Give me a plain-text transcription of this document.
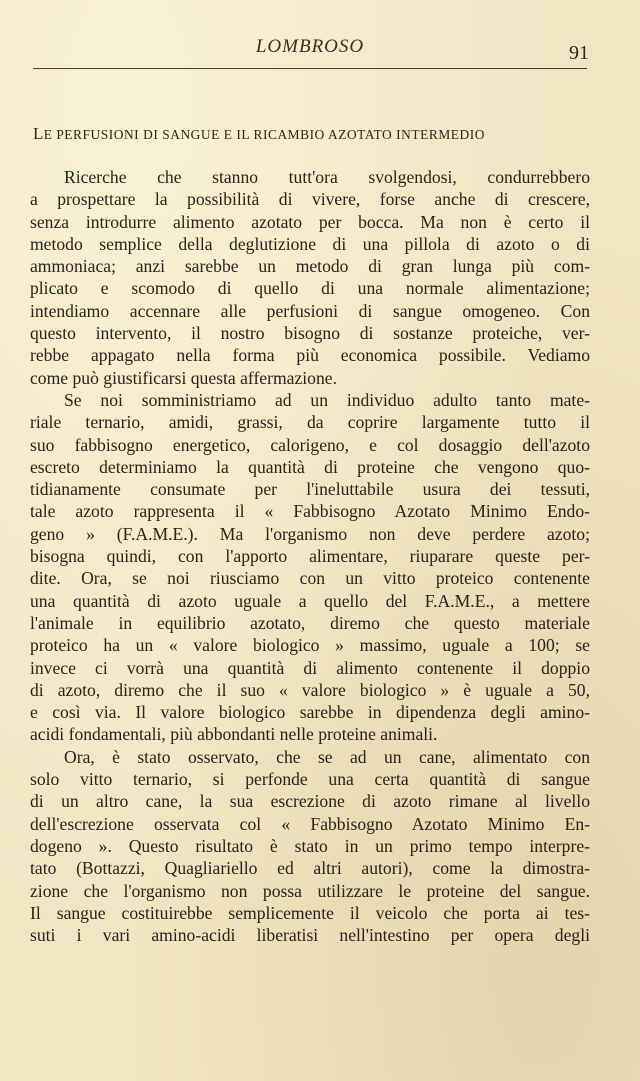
LOMBROSO	91
LE PERFUSIONI DI SANGUE E IL RICAMBIO AZOTATO INTERMEDIO
Ricerche che stanno tutt'ora svolgendosi, condurrebbero
a prospettare la possibilità di vivere, forse anche di crescere,
senza introdurre alimento azotato per bocca. Ma non è certo il
metodo semplice della deglutizione di una pillola di azoto o di
ammoniaca; anzi sarebbe un metodo di gran lunga più com-
plicato e scomodo di quello di una normale alimentazione;
intendiamo accennare alle perfusioni di sangue omogeneo. Con
questo intervento, il nostro bisogno di sostanze proteiche, ver-
rebbe appagato nella forma più economica possibile. Vediamo
come può giustificarsi questa affermazione.
Se noi somministriamo ad un individuo adulto tanto mate-
riale ternario, amidi, grassi, da coprire largamente tutto il
suo fabbisogno energetico, calorigeno, e col dosaggio dell'azoto
escreto determiniamo la quantità di proteine che vengono quo-
tidianamente consumate per l'ineluttabile usura dei tessuti,
tale azoto rappresenta il « Fabbisogno Azotato Minimo Endo-
geno » (F.A.M.E.). Ma l'organismo non deve perdere azoto;
bisogna quindi, con l'apporto alimentare, riuparare queste per-
dite. Ora, se noi riusciamo con un vitto proteico contenente
una quantità di azoto uguale a quello del F.A.M.E., a mettere
l'animale in equilibrio azotato, diremo che questo materiale
proteico ha un « valore biologico » massimo, uguale a 100; se
invece ci vorrà una quantità di alimento contenente il doppio
di azoto, diremo che il suo « valore biologico » è uguale a 50,
e così via. Il valore biologico sarebbe in dipendenza degli amino-
acidi fondamentali, più abbondanti nelle proteine animali.
Ora, è stato osservato, che se ad un cane, alimentato con
solo vitto ternario, si perfonde una certa quantità di sangue
di un altro cane, la sua escrezione di azoto rimane al livello
dell'escrezione osservata col « Fabbisogno Azotato Minimo En-
dogeno ». Questo risultato è stato in un primo tempo interpre-
tato (Bottazzi, Quagliariello ed altri autori), come la dimostra-
zione che l'organismo non possa utilizzare le proteine del sangue.
Il sangue costituirebbe semplicemente il veicolo che porta ai tes-
suti i vari amino-acidi liberatisi nell'intestino per opera degli
